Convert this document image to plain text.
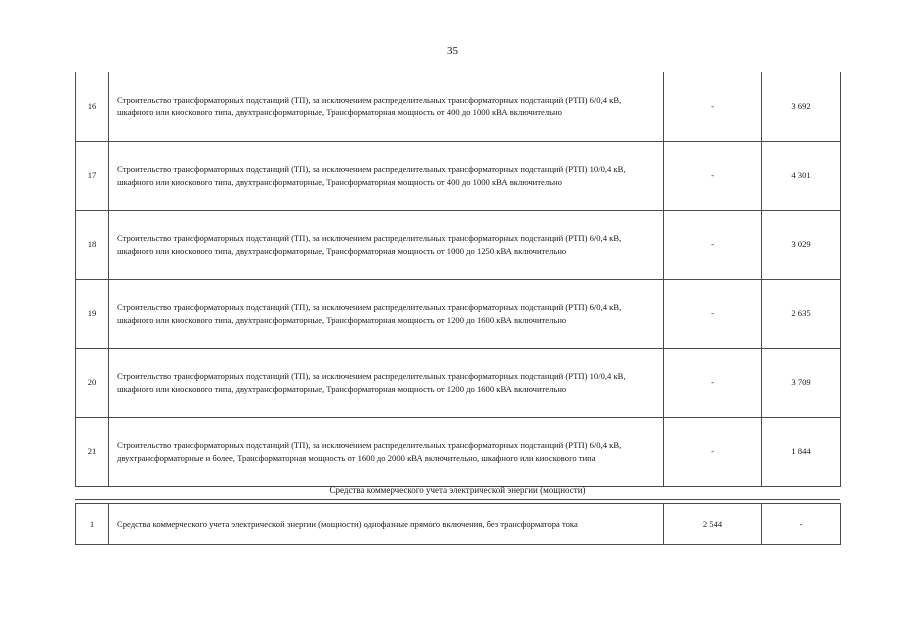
35
16	Строительство трансформаторных подстанций (ТП), за исключением распределительных трансформаторных подстанций (РТП) 6/0,4 кВ, шкафного или киоскового типа, двухтрансформаторные, Трансформаторная мощность от 400 до 1000 кВА включительно	-	3 692
17	Строительство трансформаторных подстанций (ТП), за исключением распределительных трансформаторных подстанций (РТП) 10/0,4 кВ, шкафного или киоскового типа, двухтрансформаторные, Трансформаторная мощность от 400 до 1000 кВА включительно	-	4 301
18	Строительство трансформаторных подстанций (ТП), за исключением распределительных трансформаторных подстанций (РТП) 6/0,4 кВ, шкафного или киоскового типа, двухтрансформаторные, Трансформаторная мощность от 1000 до 1250 кВА включительно	-	3 029
19	Строительство трансформаторных подстанций (ТП), за исключением распределительных трансформаторных подстанций (РТП) 6/0,4 кВ, шкафного или киоскового типа, двухтрансформаторные, Трансформаторная мощность от 1200 до 1600 кВА включительно	-	2 635
20	Строительство трансформаторных подстанций (ТП), за исключением распределительных трансформаторных подстанций (РТП) 10/0,4 кВ, шкафного или киоскового типа, двухтрансформаторные, Трансформаторная мощность от 1200 до 1600 кВА включительно	-	3 709
21	Строительство трансформаторных подстанций (ТП), за исключением распределительных трансформаторных подстанций (РТП) 6/0,4 кВ, двухтрансформаторные и более, Трансформаторная мощность от 1600 до 2000 кВА включительно, шкафного или киоскового типа	-	1 844
Средства коммерческого учета электрической энергии (мощности)
1	Средства коммерческого учета электрической энергии (мощности) однофазные прямого включения, без трансформатора тока	2 544	-
